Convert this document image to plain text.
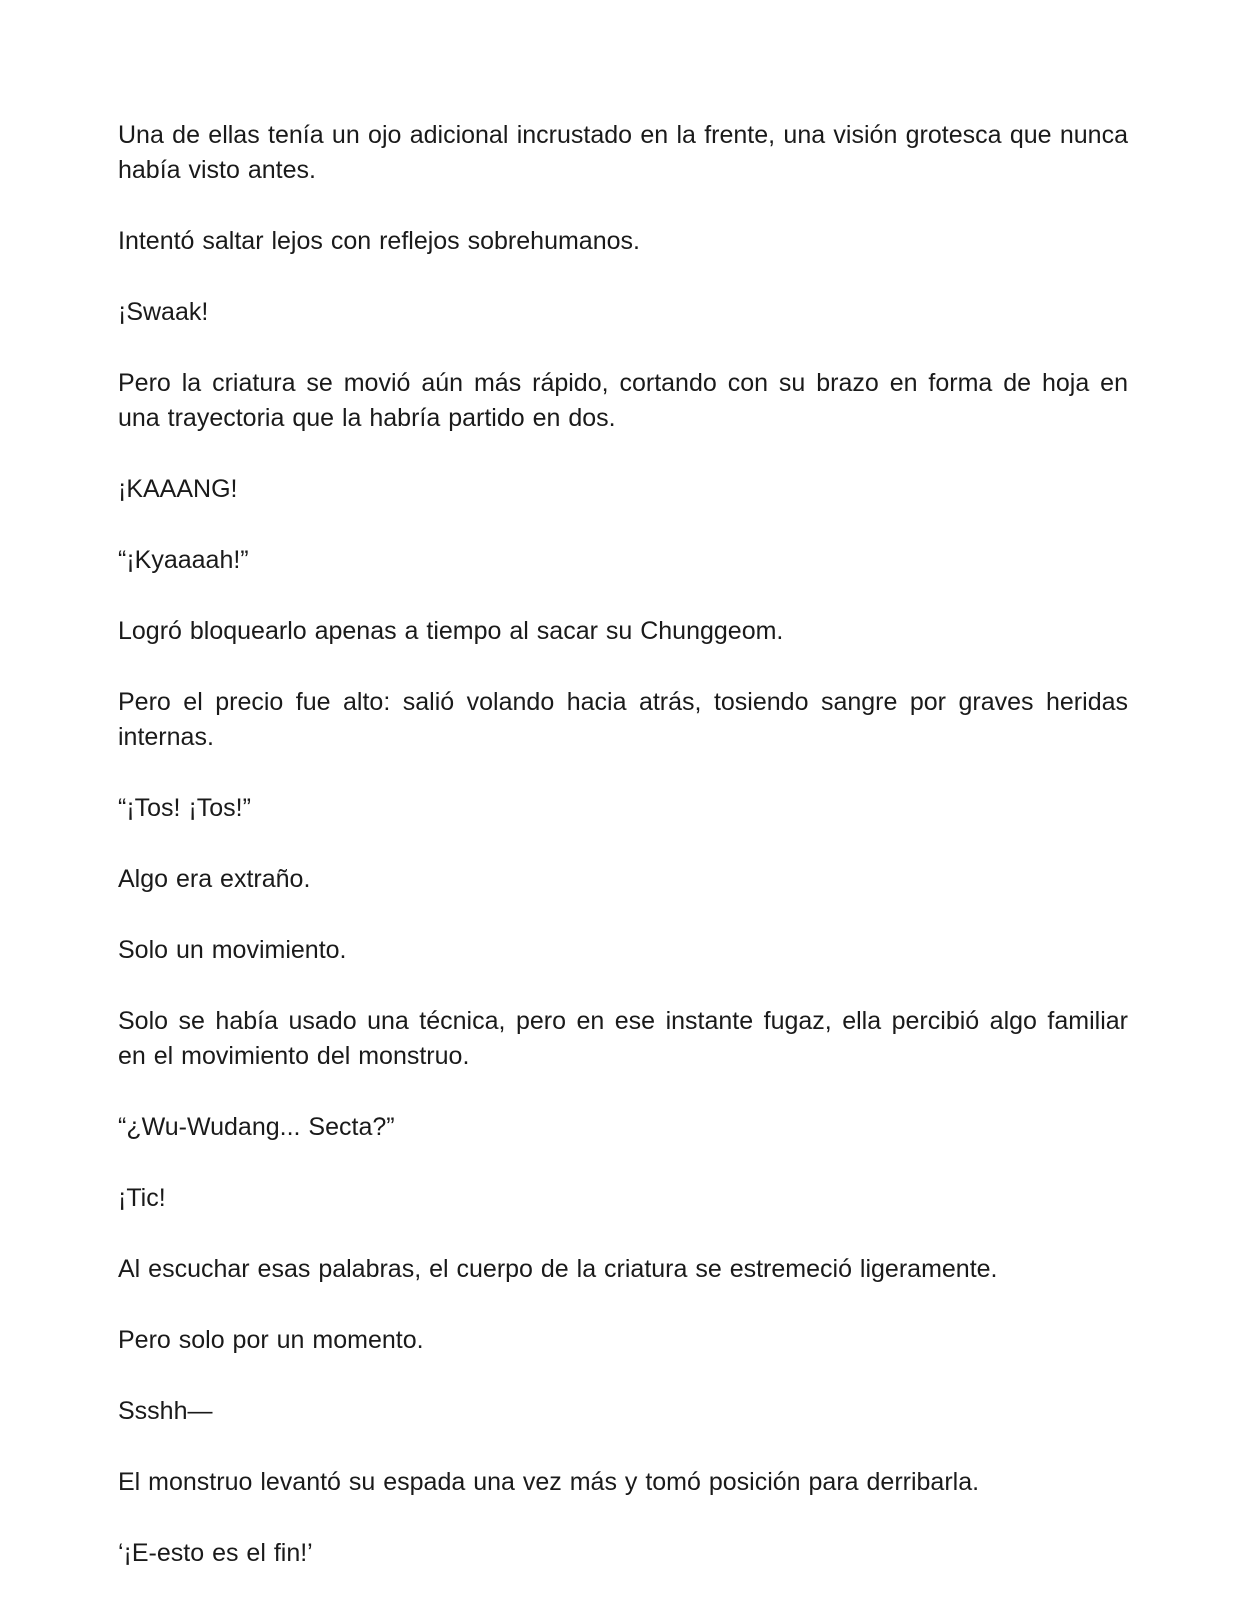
Una de ellas tenía un ojo adicional incrustado en la frente, una visión grotesca que nunca había visto antes.

Intentó saltar lejos con reflejos sobrehumanos.

¡Swaak!

Pero la criatura se movió aún más rápido, cortando con su brazo en forma de hoja en una trayectoria que la habría partido en dos.

¡KAAANG!

“¡Kyaaaah!”

Logró bloquearlo apenas a tiempo al sacar su Chunggeom.

Pero el precio fue alto: salió volando hacia atrás, tosiendo sangre por graves heridas internas.

“¡Tos! ¡Tos!”

Algo era extraño.

Solo un movimiento.

Solo se había usado una técnica, pero en ese instante fugaz, ella percibió algo familiar en el movimiento del monstruo.

“¿Wu-Wudang... Secta?”

¡Tic!

Al escuchar esas palabras, el cuerpo de la criatura se estremeció ligeramente.

Pero solo por un momento.

Ssshh—

El monstruo levantó su espada una vez más y tomó posición para derribarla.

‘¡E-esto es el fin!’
